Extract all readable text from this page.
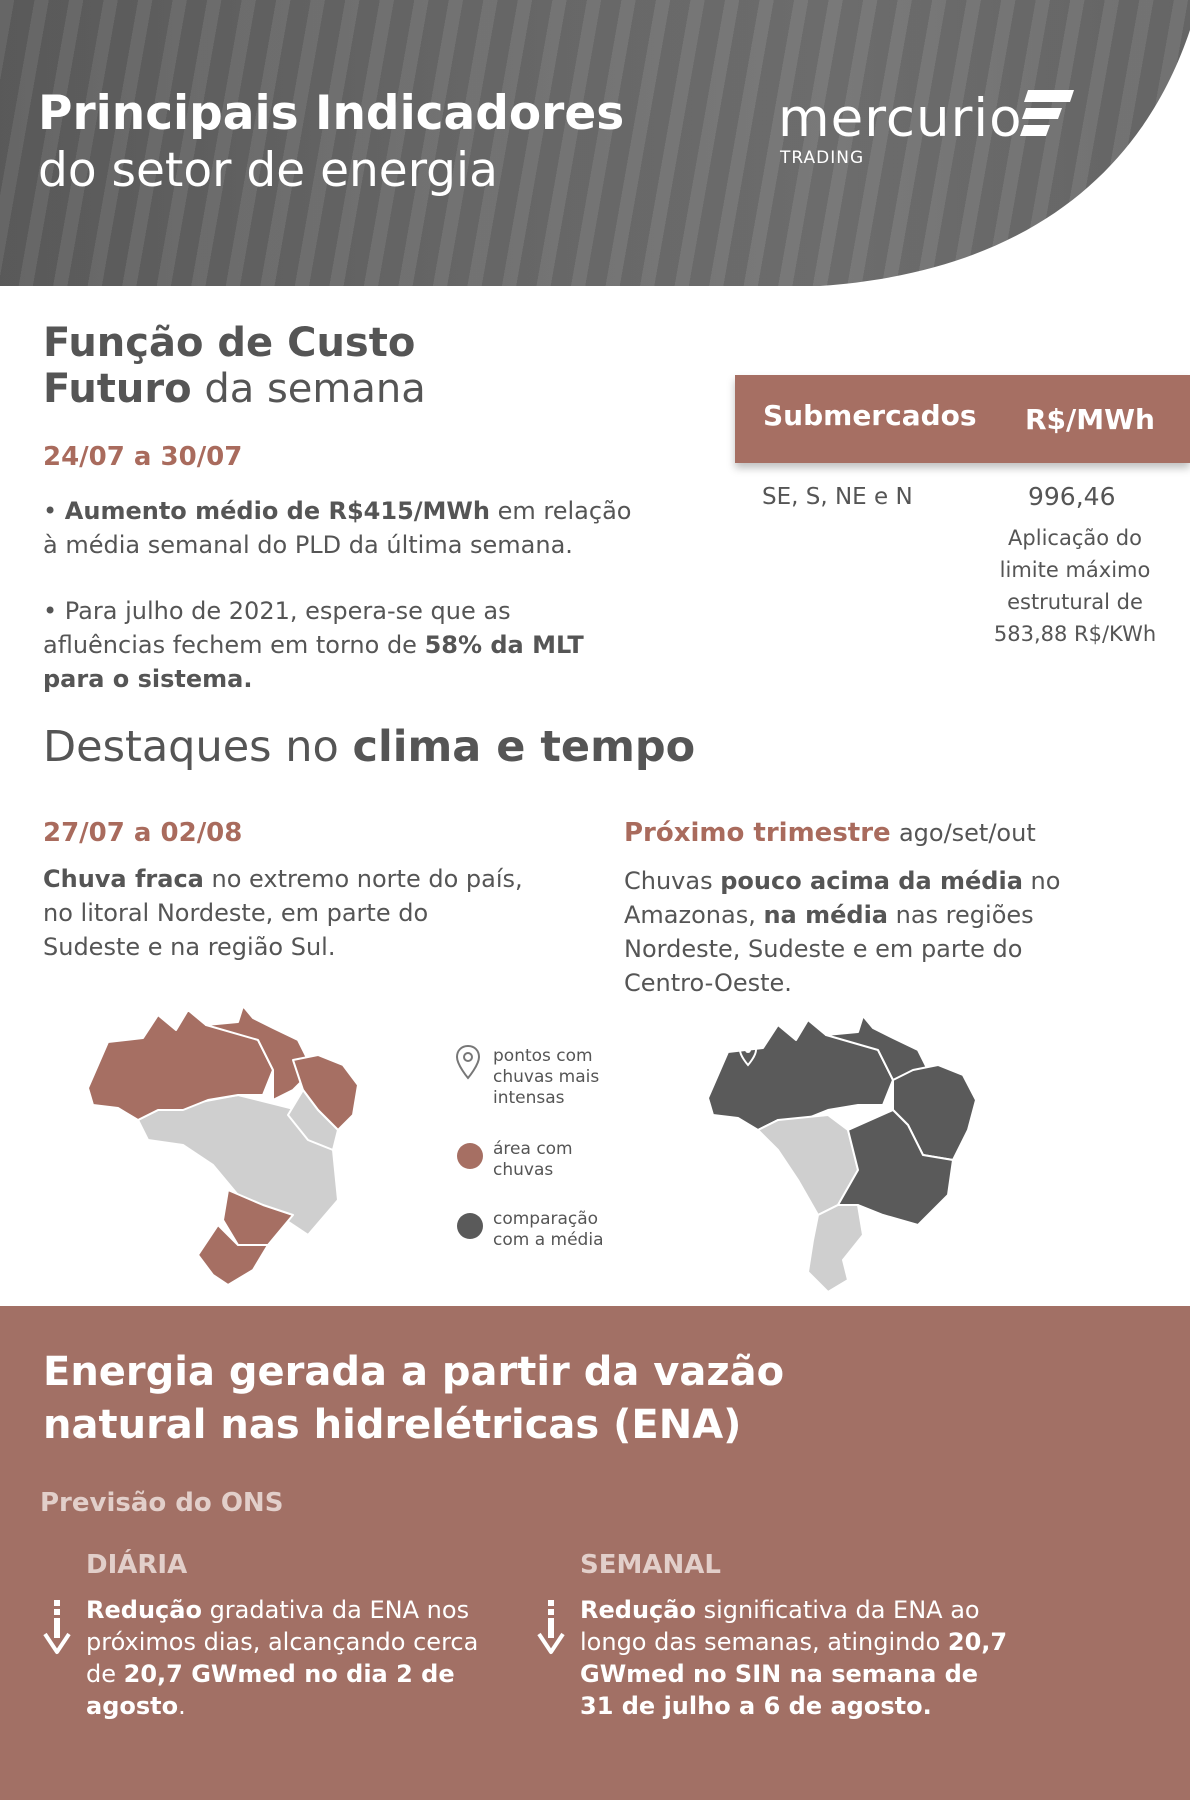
Principais Indicadores
do setor de energia
mercurio
TRADING
Função de Custo
Futuro da semana
24/07 a 30/07
• Aumento médio de R$415/MWh em relação à média semanal do PLD da última semana.
• Para julho de 2021, espera-se que as afluências fechem em torno de 58% da MLT para o sistema.
Submercados R$/MWh
SE, S, NE e N	996,46
Aplicação do limite máximo estrutural de 583,88 R$/KWh
Destaques no clima e tempo
27/07 a 02/08
Chuva fraca no extremo norte do país, no litoral Nordeste, em parte do Sudeste e na região Sul.
Próximo trimestre ago/set/out
Chuvas pouco acima da média no Amazonas, na média nas regiões Nordeste, Sudeste e em parte do Centro-Oeste.
pontos com chuvas mais intensas
área com chuvas
comparação com a média
Energia gerada a partir da vazão
natural nas hidrelétricas (ENA)
Previsão do ONS
DIÁRIA
Redução gradativa da ENA nos próximos dias, alcançando cerca de 20,7 GWmed no dia 2 de agosto.
SEMANAL
Redução significativa da ENA ao longo das semanas, atingindo 20,7 GWmed no SIN na semana de 31 de julho a 6 de agosto.
